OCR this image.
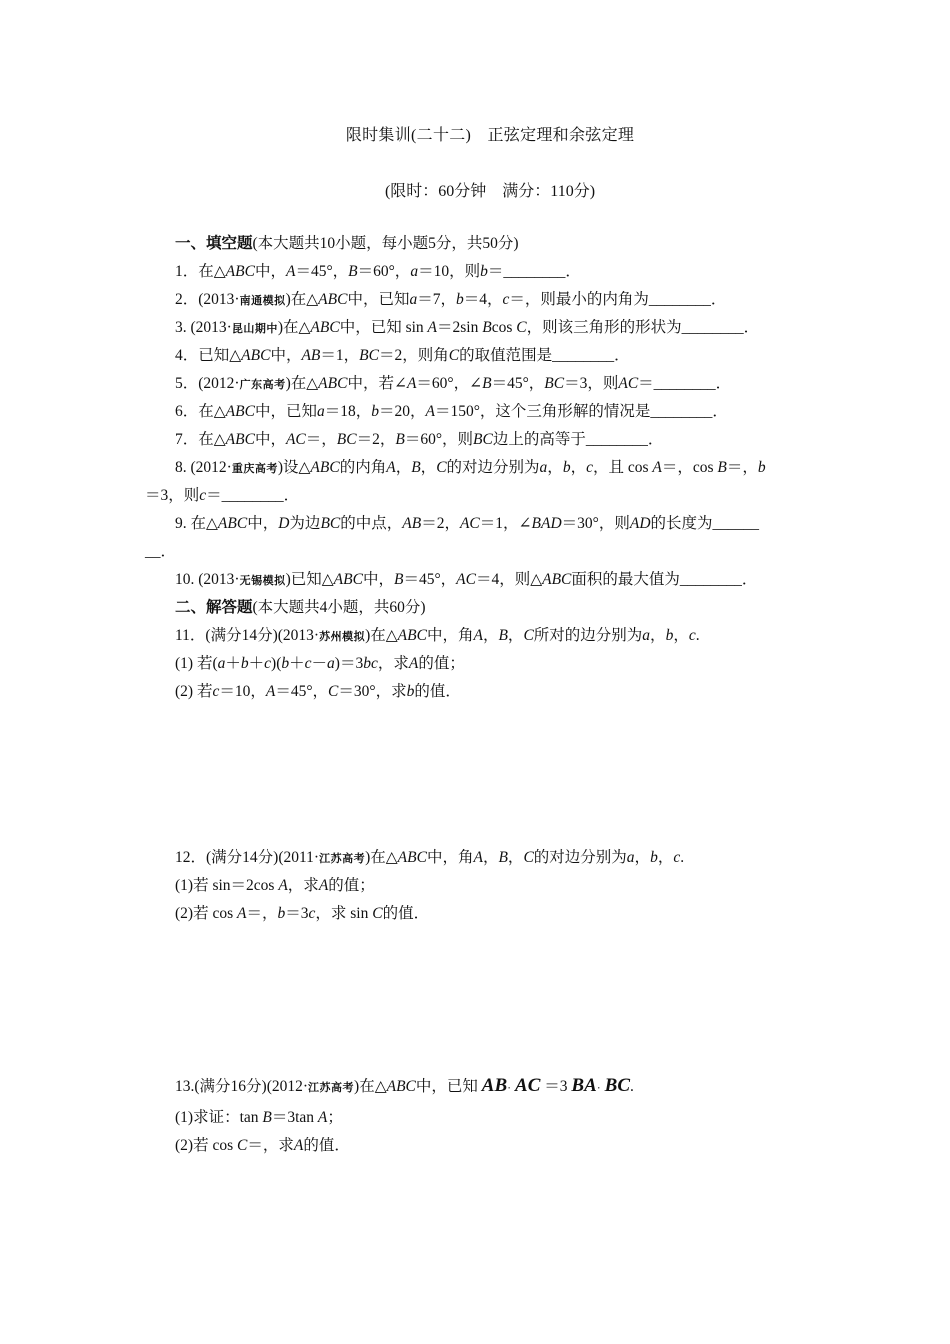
限时集训(二十二)　正弦定理和余弦定理
(限时：60分钟　满分：110分)
一、填空题(本大题共10小题，每小题5分，共50分)
1．在△ABC中，A＝45°，B＝60°，a＝10，则b＝________．
2．(2013·南通模拟)在△ABC中，已知a＝7，b＝4，c＝，则最小的内角为________．
3. (2013·昆山期中)在△ABC中，已知 sin A＝2sin Bcos C，则该三角形的形状为________．
4．已知△ABC中，AB＝1，BC＝2，则角C的取值范围是________．
5．(2012·广东高考)在△ABC中，若∠A＝60°，∠B＝45°，BC＝3，则AC＝________．
6．在△ABC中，已知a＝18，b＝20，A＝150°，这个三角形解的情况是________．
7．在△ABC中，AC＝，BC＝2，B＝60°，则BC边上的高等于________．
8. (2012·重庆高考)设△ABC的内角A，B，C的对边分别为a，b，c，且 cos A＝，cos B＝，b
＝3，则c＝________．
9. 在△ABC中，D为边BC的中点，AB＝2，AC＝1，∠BAD＝30°，则AD的长度为______
__．
10. (2013·无锡模拟)已知△ABC中，B＝45°，AC＝4，则△ABC面积的最大值为________．
二、解答题(本大题共4小题，共60分)
11．(满分14分)(2013·苏州模拟)在△ABC中，角A，B，C所对的边分别为a，b，c.
(1) 若(a＋b＋c)(b＋c－a)＝3bc，求A的值；
(2) 若c＝10，A＝45°，C＝30°，求b的值．
12．(满分14分)(2011·江苏高考)在△ABC中，角A，B，C的对边分别为a，b，c.
(1)若 sin＝2cos A，求A的值；
(2)若 cos A＝，b＝3c，求 sin C的值．
13.(满分16分)(2012·江苏高考)在△ABC中，已知 AB· AC ＝3 BA· BC.
(1)求证：tan B＝3tan A；
(2)若 cos C＝，求A的值．
